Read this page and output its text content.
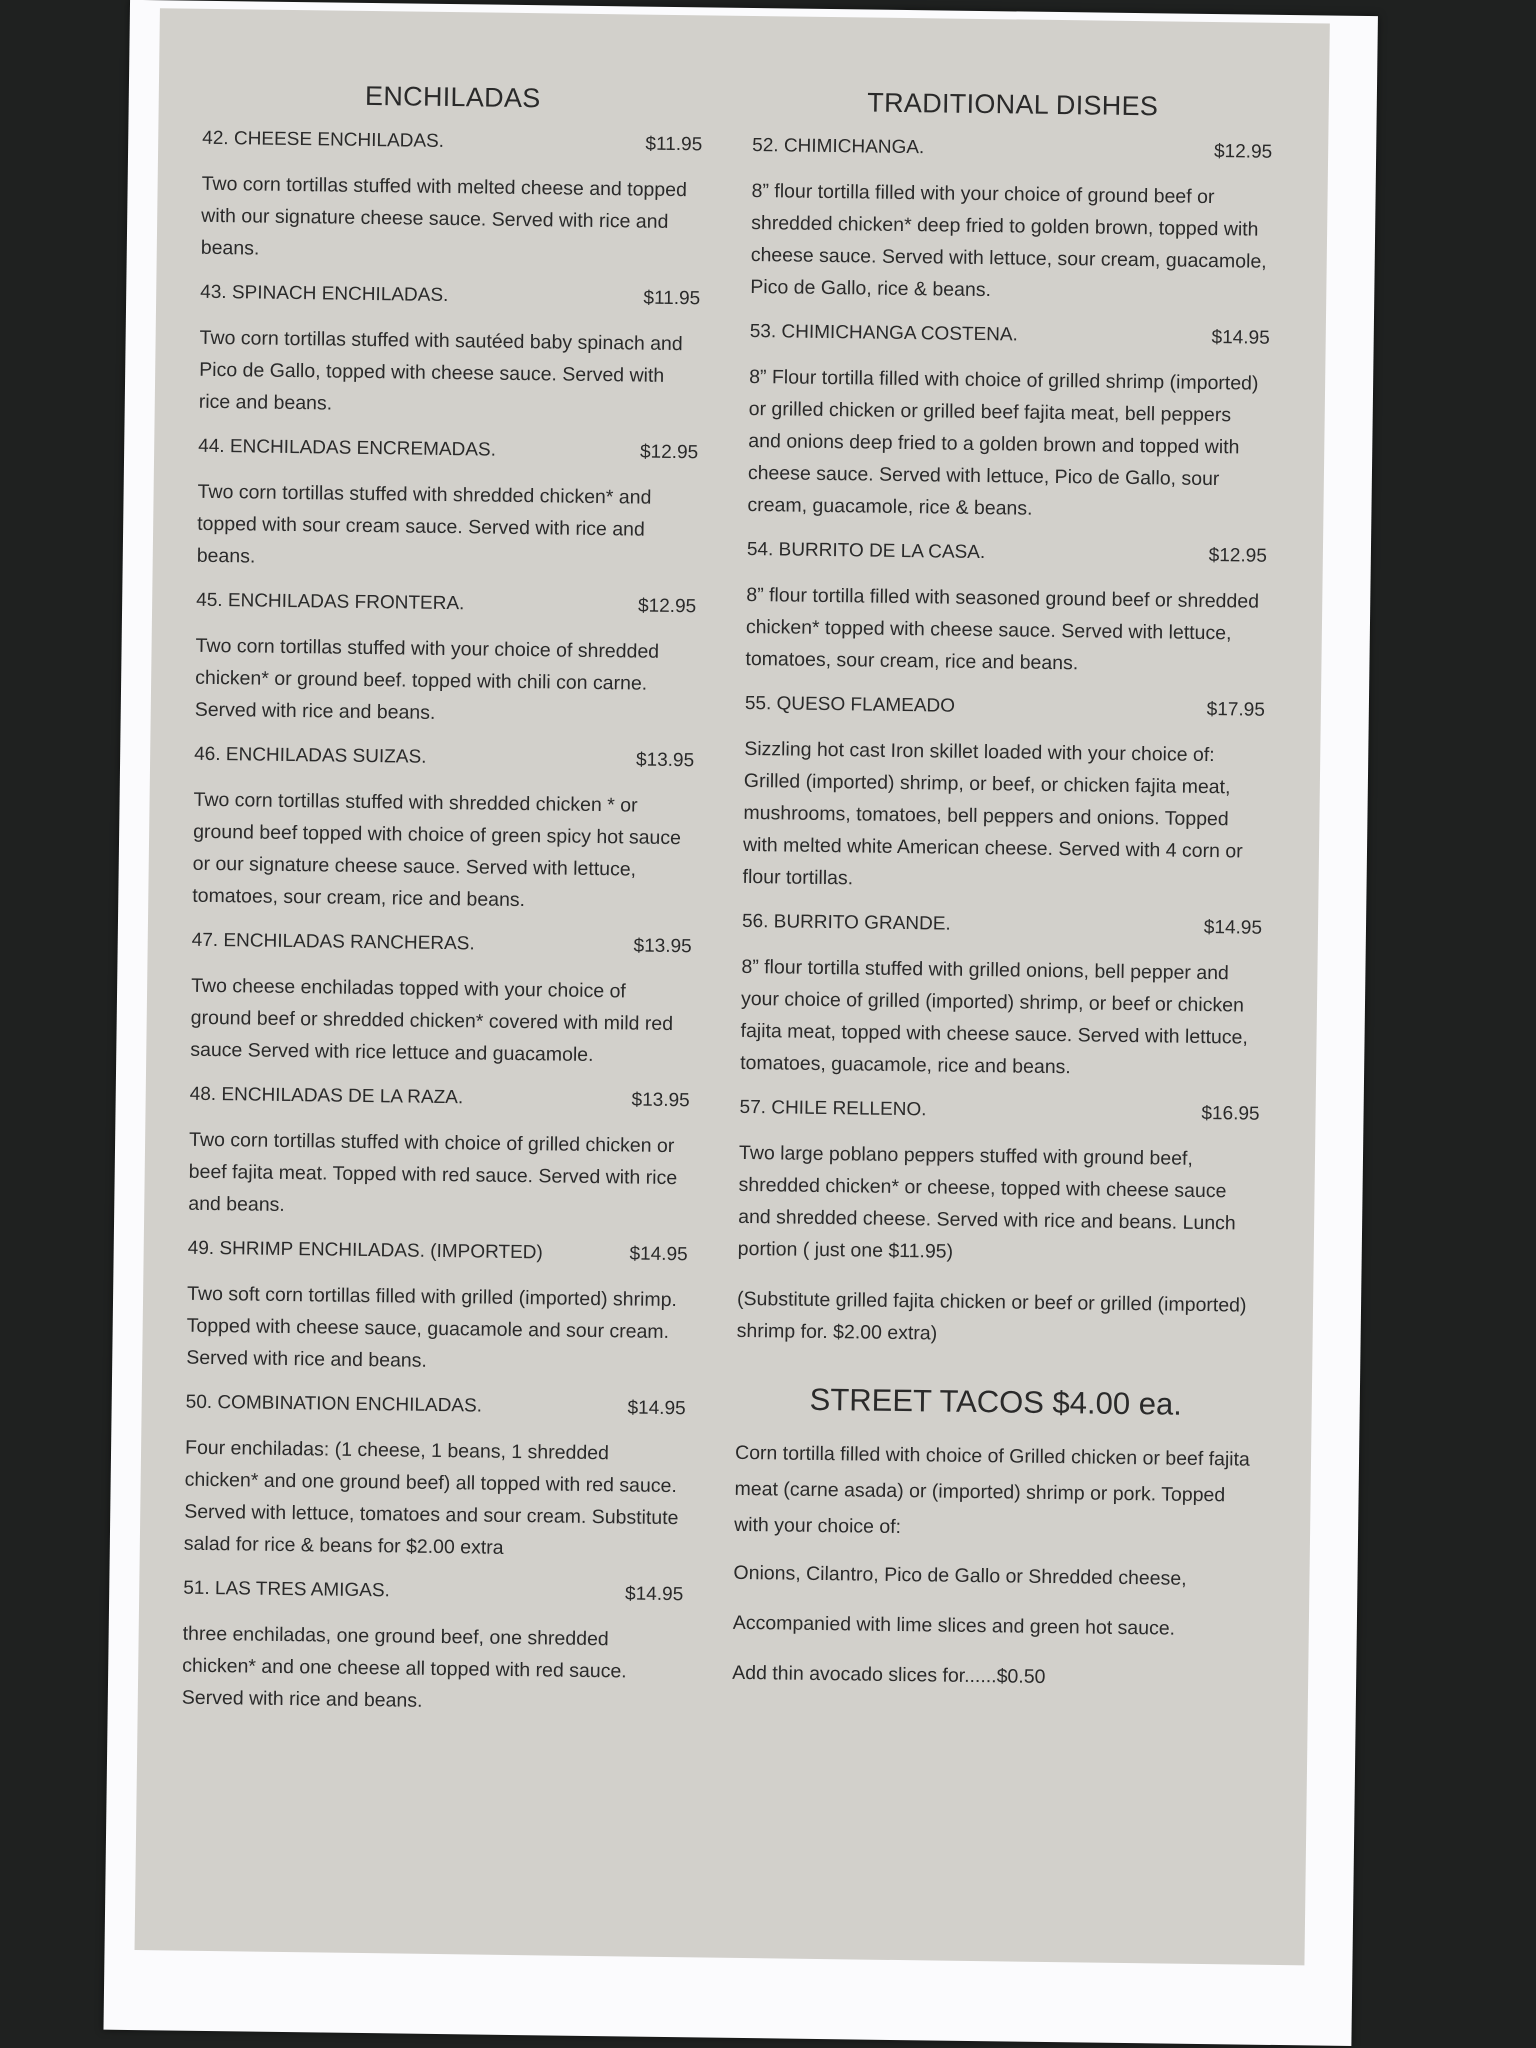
ENCHILADAS
42. CHEESE ENCHILADAS.	$11.95

Two corn tortillas stuffed with melted cheese and topped with our signature cheese sauce. Served with rice and beans.

43. SPINACH ENCHILADAS.	$11.95

Two corn tortillas stuffed with sautéed baby spinach and Pico de Gallo, topped with cheese sauce. Served with rice and beans.

44. ENCHILADAS ENCREMADAS.	$12.95

Two corn tortillas stuffed with shredded chicken* and topped with sour cream sauce. Served with rice and beans.

45. ENCHILADAS FRONTERA.	$12.95

Two corn tortillas stuffed with your choice of shredded chicken* or ground beef. topped with chili con carne. Served with rice and beans.

46. ENCHILADAS SUIZAS.	$13.95

Two corn tortillas stuffed with shredded chicken * or ground beef topped with choice of green spicy hot sauce or our signature cheese sauce. Served with lettuce, tomatoes, sour cream, rice and beans.

47. ENCHILADAS RANCHERAS.	$13.95

Two cheese enchiladas topped with your choice of ground beef or shredded chicken* covered with mild red sauce Served with rice lettuce and guacamole.

48. ENCHILADAS DE LA RAZA.	$13.95

Two corn tortillas stuffed with choice of grilled chicken or beef fajita meat. Topped with red sauce. Served with rice and beans.

49. SHRIMP ENCHILADAS. (IMPORTED)	$14.95

Two soft corn tortillas filled with grilled (imported) shrimp. Topped with cheese sauce, guacamole and sour cream. Served with rice and beans.

50. COMBINATION ENCHILADAS.	$14.95

Four enchiladas: (1 cheese, 1 beans, 1 shredded chicken* and one ground beef) all topped with red sauce. Served with lettuce, tomatoes and sour cream. Substitute salad for rice & beans for $2.00 extra

51. LAS TRES AMIGAS.	$14.95

three enchiladas, one ground beef, one shredded chicken* and one cheese all topped with red sauce. Served with rice and beans.

TRADITIONAL DISHES
52. CHIMICHANGA.	$12.95

8” flour tortilla filled with your choice of ground beef or shredded chicken* deep fried to golden brown, topped with cheese sauce. Served with lettuce, sour cream, guacamole, Pico de Gallo, rice & beans.

53. CHIMICHANGA COSTENA.	$14.95

8” Flour tortilla filled with choice of grilled shrimp (imported) or grilled chicken or grilled beef fajita meat, bell peppers and onions deep fried to a golden brown and topped with cheese sauce. Served with lettuce, Pico de Gallo, sour cream, guacamole, rice & beans.

54. BURRITO DE LA CASA.	$12.95

8” flour tortilla filled with seasoned ground beef or shredded chicken* topped with cheese sauce. Served with lettuce, tomatoes, sour cream, rice and beans.

55. QUESO FLAMEADO	$17.95

Sizzling hot cast Iron skillet loaded with your choice of: Grilled (imported) shrimp, or beef, or chicken fajita meat, mushrooms, tomatoes, bell peppers and onions. Topped with melted white American cheese. Served with 4 corn or flour tortillas.

56. BURRITO GRANDE.	$14.95

8” flour tortilla stuffed with grilled onions, bell pepper and your choice of grilled (imported) shrimp, or beef or chicken fajita meat, topped with cheese sauce. Served with lettuce, tomatoes, guacamole, rice and beans.

57. CHILE RELLENO.	$16.95

Two large poblano peppers stuffed with ground beef, shredded chicken* or cheese, topped with cheese sauce and shredded cheese. Served with rice and beans. Lunch portion ( just one $11.95)

(Substitute grilled fajita chicken or beef or grilled (imported) shrimp for. $2.00 extra)

STREET TACOS $4.00 ea.

Corn tortilla filled with choice of Grilled chicken or beef fajita meat (carne asada) or (imported) shrimp or pork. Topped with your choice of:

Onions, Cilantro, Pico de Gallo or Shredded cheese,

Accompanied with lime slices and green hot sauce.

Add thin avocado slices for......$0.50
